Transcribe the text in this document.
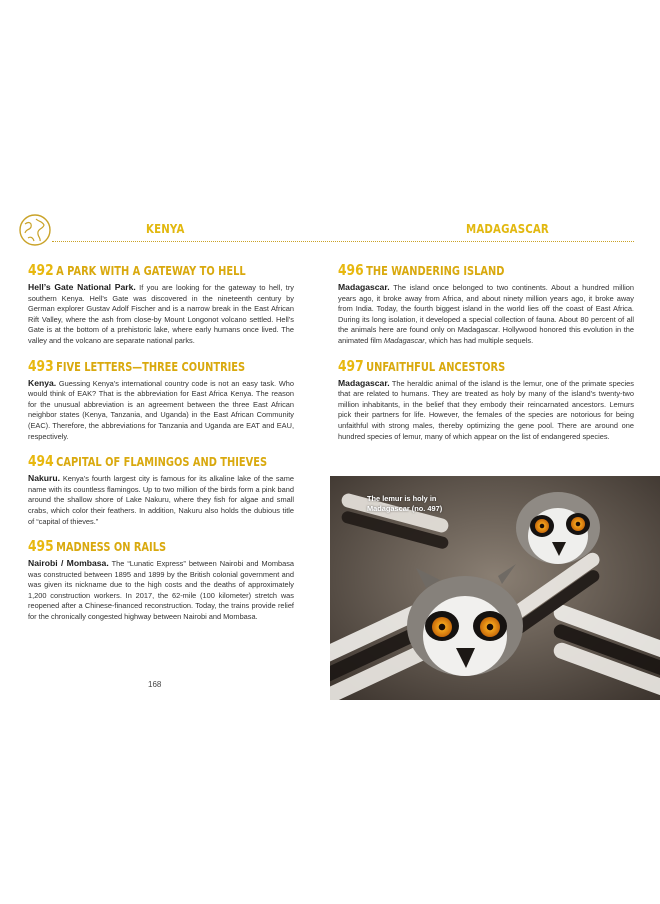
KENYA	MADAGASCAR
492 A PARK WITH A GATEWAY TO HELL
Hell’s Gate National Park. If you are looking for the gateway to hell, try southern Kenya. Hell’s Gate was discovered in the nineteenth century by German explorer Gustav Adolf Fischer and is a narrow break in the East African Rift Valley, where the ash from close-by Mount Longonot volcano settled. Hell’s Gate is at the bottom of a prehistoric lake, where early humans once lived. The valley and the volcano are separate national parks.
493 FIVE LETTERS—THREE COUNTRIES
Kenya. Guessing Kenya’s international country code is not an easy task. Who would think of EAK? That is the abbreviation for East Africa Kenya. The reason for the unusual abbreviation is an agreement between the three East African neighbor states (Kenya, Tanzania, and Uganda) in the East African Community (EAC). Therefore, the abbreviations for Tanzania and Uganda are EAT and EAU, respectively.
494 CAPITAL OF FLAMINGOS AND THIEVES
Nakuru. Kenya’s fourth largest city is famous for its alkaline lake of the same name with its countless flamingos. Up to two million of the birds form a pink band around the shallow shore of Lake Nakuru, where they fish for algae and small crabs, which color their feathers. In addition, Nakuru also holds the dubious title of “capital of thieves.”
495 MADNESS ON RAILS
Nairobi / Mombasa. The “Lunatic Express” between Nairobi and Mombasa was constructed between 1895 and 1899 by the British colonial government and was given its nickname due to the high costs and the deaths of approximately 1,200 construction workers. In 2017, the 62-mile (100 kilometer) stretch was reopened after a Chinese-financed reconstruction. Today, the trains provide relief for the chronically congested highway between Nairobi and Mombasa.
496 THE WANDERING ISLAND
Madagascar. The island once belonged to two continents. About a hundred million years ago, it broke away from Africa, and about ninety million years ago, it broke away from India. Today, the fourth biggest island in the world lies off the coast of East Africa. During its long isolation, it developed a special collection of fauna. About 80 percent of all the animals here are found only on Madagascar. Hollywood honored this evolution in the animated film Madagascar, which has had multiple sequels.
497 UNFAITHFUL ANCESTORS
Madagascar. The heraldic animal of the island is the lemur, one of the primate species that are related to humans. They are treated as holy by many of the island’s twenty-two million inhabitants, in the belief that they embody their reincarnated ancestors. Lemurs pick their partners for life. However, the females of the species are notorious for being unfaithful with strong males, thereby optimizing the gene pool. There are around one hundred species of lemur, many of which appear on the list of endangered species.
The lemur is holy in Madagascar (no. 497)
168
